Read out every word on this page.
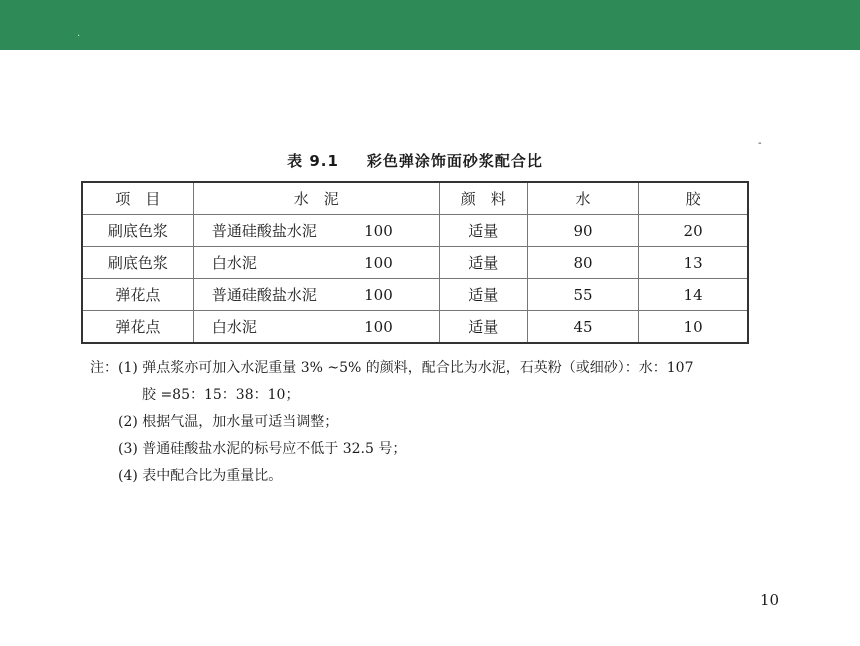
.
-
表 9.1 彩色弹涂饰面砂浆配合比
项　目	水　泥	颜　料	水	胶
刷底色浆	普通硅酸盐水泥 100	适量	90	20
刷底色浆	白水泥 100	适量	80	13
弹花点	普通硅酸盐水泥 100	适量	55	14
弹花点	白水泥 100	适量	45	10
注：(1) 弹点浆亦可加入水泥重量 3% ~5% 的颜料，配合比为水泥，石英粉（或细砂）：水：107
胶 =85：15：38：10；
(2) 根据气温，加水量可适当调整；
(3) 普通硅酸盐水泥的标号应不低于 32.5 号；
(4) 表中配合比为重量比。
10
